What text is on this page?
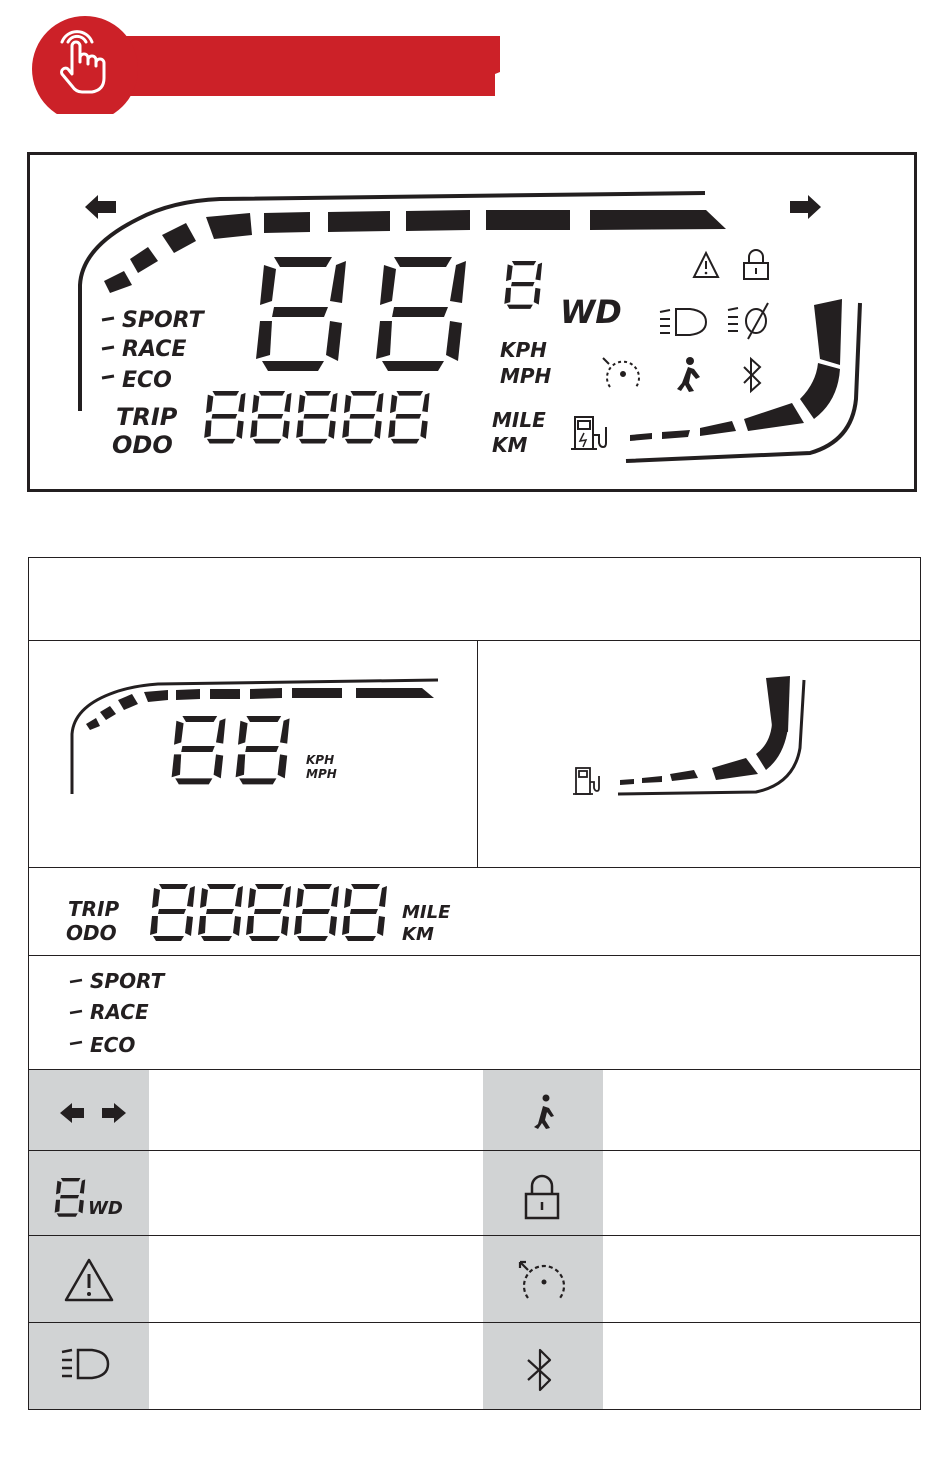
WD
KPH
MPH
MILE
KM
TRIP
ODO
SPORT
RACE
ECO
KPH
MPH
TRIP
ODO
MILE
KM
SPORT
RACE
ECO
WD
